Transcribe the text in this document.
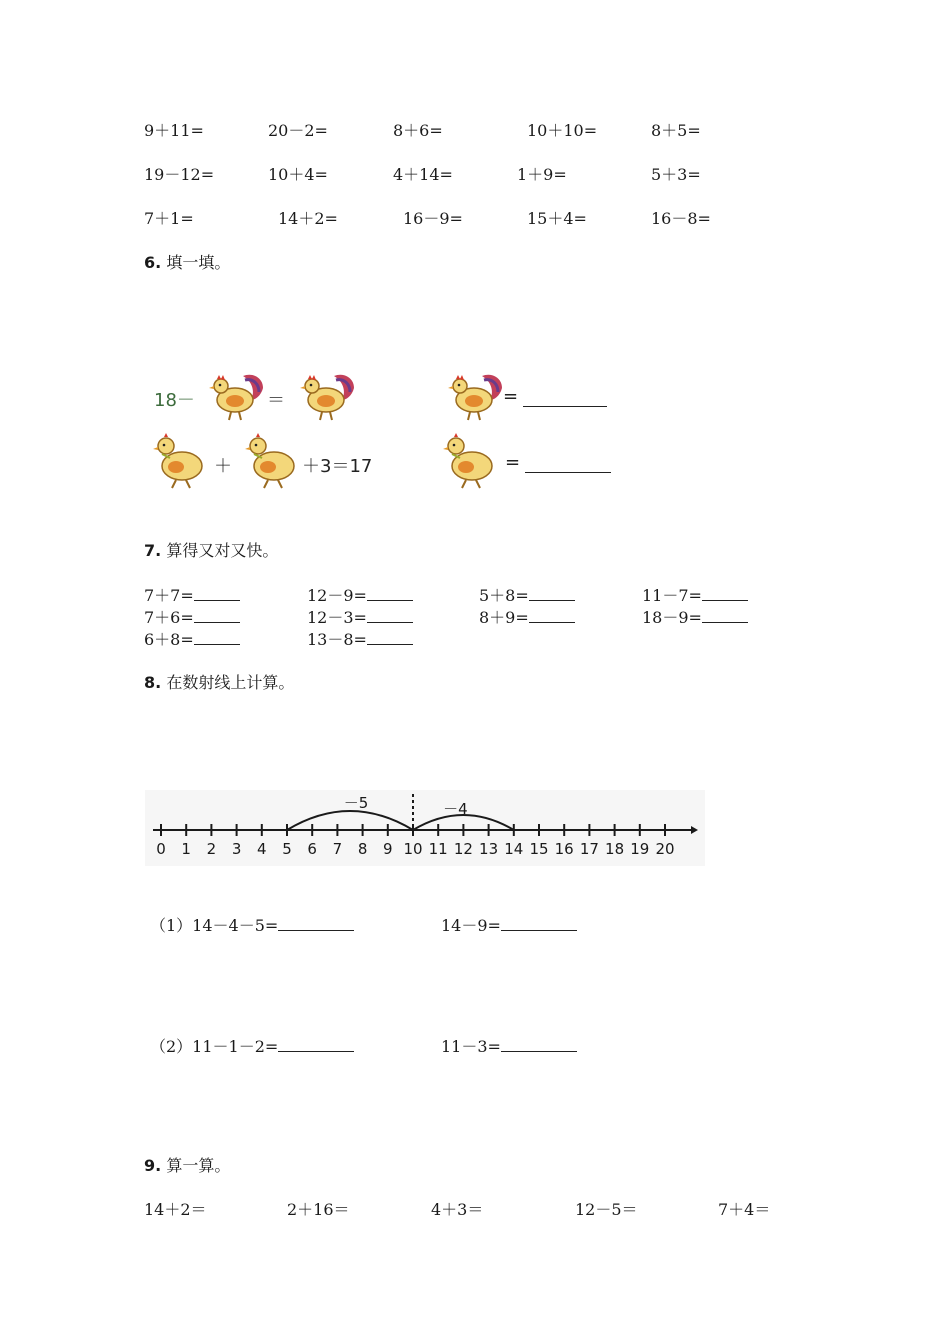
9＋11=	20－2=	8＋6=	10＋10=	8＋5=
19－12=	10＋4=	4＋14=	1＋9=	5＋3=
7＋1=	14＋2=	16－9=	15＋4=	16－8=
6. 填一填。
18－	＝	=
＋	＋3＝17	=
7. 算得又对又快。
7＋7=	12－9=	5＋8=	11－7=
7＋6=	12－3=	8＋9=	18－9=
6＋8=	13－8=
8. 在数射线上计算。
0 1 2 3 4 5 6 7 8 9 10 11 12 13 14 15 16 17 18 19 20
－5	－4
（1）14－4－5=	14－9=
（2）11－1－2=	11－3=
9. 算一算。
14＋2＝	2＋16＝	4＋3＝	12－5＝	7＋4＝
